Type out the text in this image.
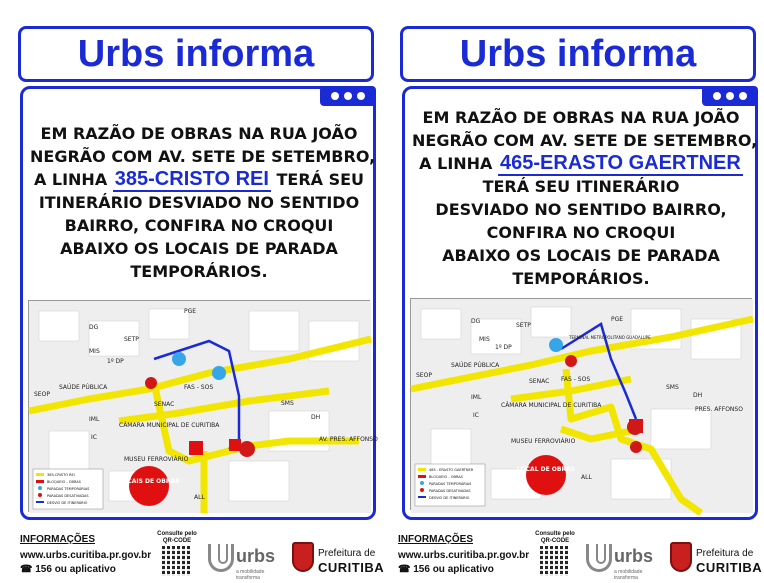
Urbs informa
EM RAZÃO DE OBRAS NA RUA JOÃO
NEGRÃO COM AV. SETE DE SETEMBRO,
A LINHA 385-CRISTO REI TERÁ SEU
ITINERÁRIO DESVIADO NO SENTIDO
BAIRRO, CONFIRA NO CROQUI
ABAIXO OS LOCAIS DE PARADA
TEMPORÁRIOS.
LOCAIS DE OBRAS
385-CRISTO REI
BLOQUEIO - OBRAS
PARADAS TEMPORÁRIAS
PARADAS DESATIVADAS
DESVIO DE ITINERÁRIO
SEOP
SAÚDE PÚBLICA	FAS - SOS
SENAC
IML
IC
CÂMARA MUNICIPAL DE CURITIBA
MUSEU FERROVIÁRIO
ALL
SETP
DG
MIS
1º DP
SMS
PGE
DH
AV. PRES. AFFONSO
Urbs informa
EM RAZÃO DE OBRAS NA RUA JOÃO
NEGRÃO COM AV. SETE DE SETEMBRO,
A LINHA 465-ERASTO GAERTNER
TERÁ SEU ITINERÁRIO
DESVIADO NO SENTIDO BAIRRO,
CONFIRA NO CROQUI
ABAIXO OS LOCAIS DE PARADA
TEMPORÁRIOS.
LOCAL DE OBRAS
465 - ERASTO GAERTNER
BLOQUEIO - OBRAS
PARADAS TEMPORÁRIAS
PARADAS DESATIVADAS
DESVIO DE ITINERÁRIO
SEOP
SAÚDE PÚBLICA
FAS - SOS
SENAC
IML
IC
CÂMARA MUNICIPAL DE CURITIBA
MUSEU FERROVIÁRIO
ALL
SETP
DG
MIS
1º DP
TERMINAL METROPOLITANO GUADALUPE
SMS
PGE
DH
PRES. AFFONSO
INFORMAÇÕES
www.urbs.curitiba.pr.gov.br
☎ 156 ou aplicativo
Consulte pelo QR-CODE
urbs
a mobilidade transforma
Prefeitura de
CURITIBA
INFORMAÇÕES
www.urbs.curitiba.pr.gov.br
☎ 156 ou aplicativo
Consulte pelo QR-CODE
urbs
a mobilidade transforma
Prefeitura de
CURITIBA
